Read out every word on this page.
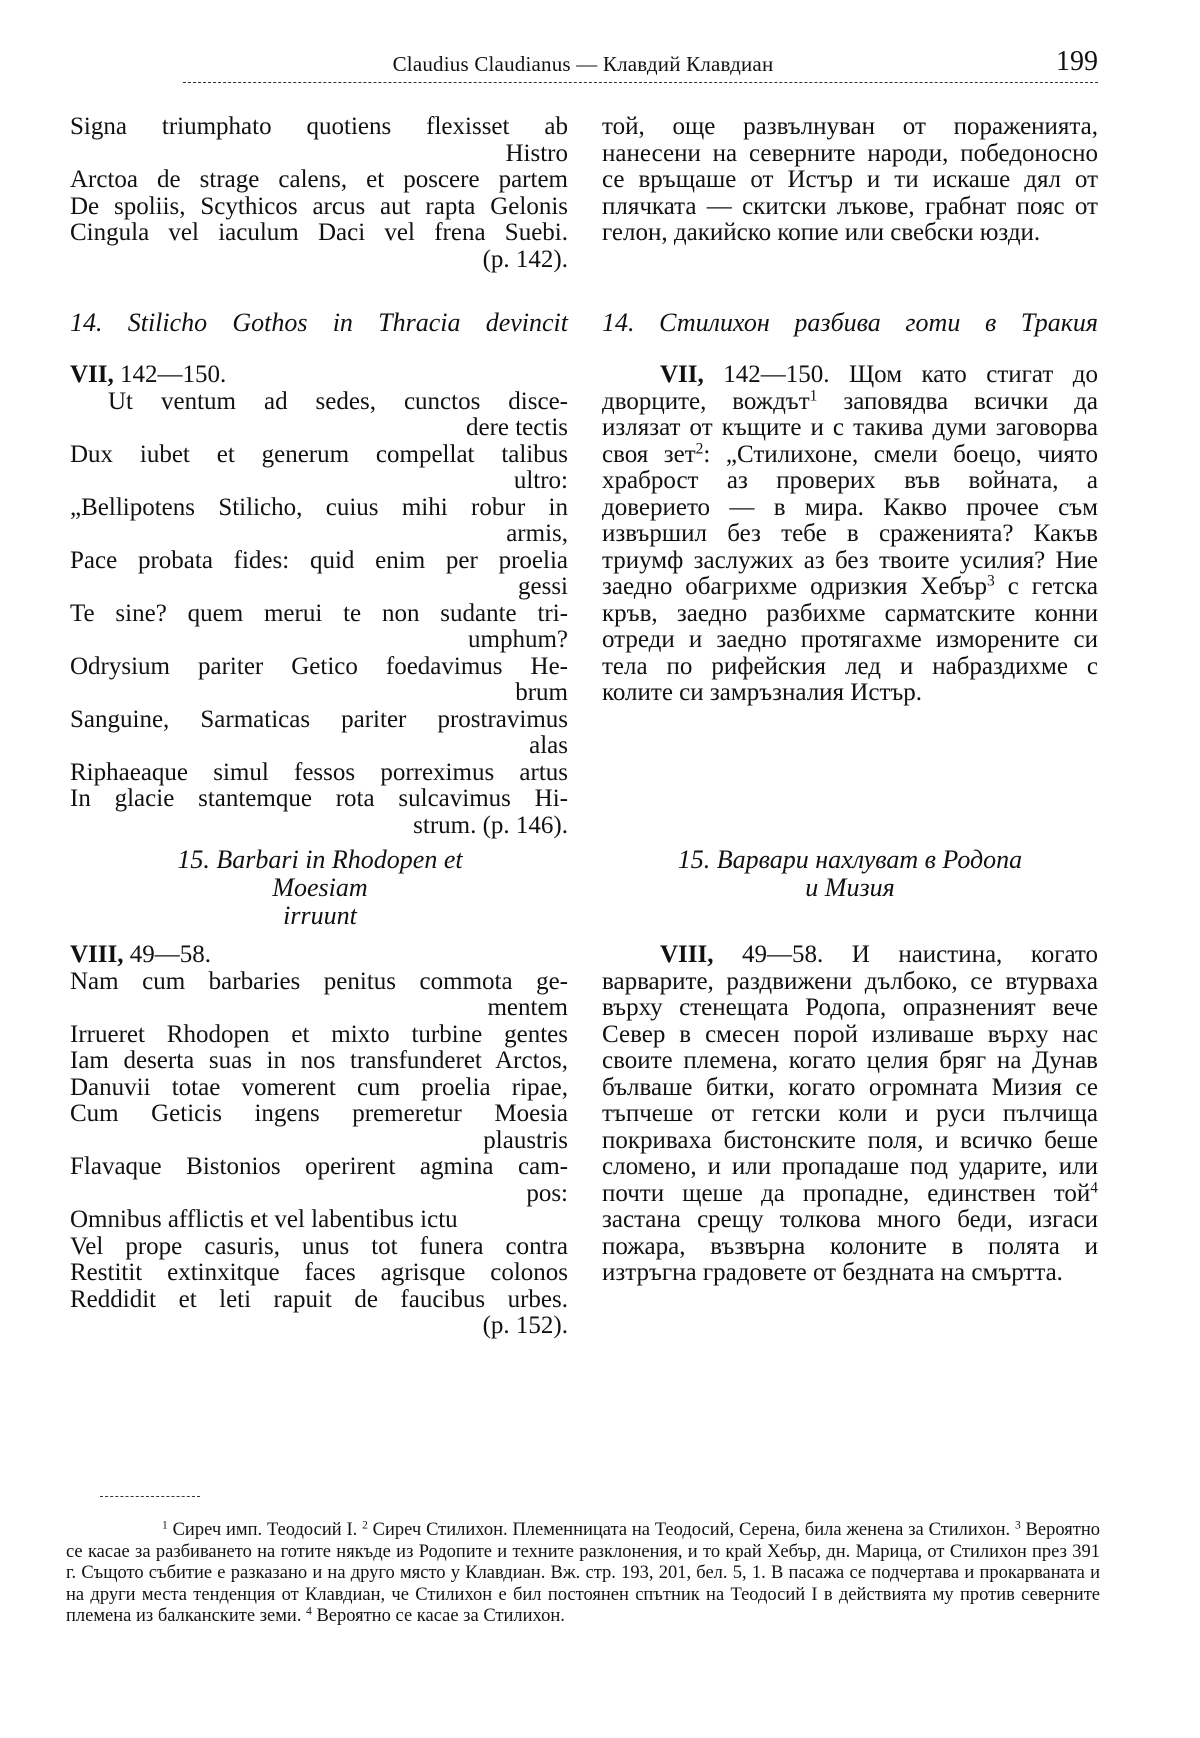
Claudius Claudianus — Клавдий Клавдиан	199
Signa triumphato quotiens flexisset ab
Histro
Arctoa de strage calens, et poscere partem
De spoliis, Scythicos arcus aut rapta Gelonis
Cingula vel iaculum Daci vel frena Suebi.
(p. 142).
той, още развълнуван от пораженията, нанесени на северните народи, победоносно се връщаше от Истър и ти искаше дял от плячката — скитски лъкове, грабнат пояс от гелон, дакийско копие или свебски юзди.
14. Stilicho Gothos in Thracia devincit 14. Стилихон разбива готи в Тракия
VII, 142—150.
Ut ventum ad sedes, cunctos disce-
dere tectis
Dux iubet et generum compellat talibus
ultro:
„Bellipotens Stilicho, cuius mihi robur in
armis,
Pace probata fides: quid enim per proelia
gessi
Te sine? quem merui te non sudante tri-
umphum?
Odrysium pariter Getico foedavimus He-
brum
Sanguine, Sarmaticas pariter prostravimus
alas
Riphaeaque simul fessos porreximus artus
In glacie stantemque rota sulcavimus Hi-
strum. (p. 146).
VII, 142—150. Щом като стигат до дворците, вождът$^1$ заповядва всички да излязат от къщите и с такива думи заговорва своя зет$^2$: „Стилихоне, смели боецо, чиято храброст аз проверих във войната, а доверието — в мира. Какво прочее съм извършил без тебе в сраженията? Какъв триумф заслужих аз без твоите усилия? Ние заедно обагрихме одризкия Хебър$^3$ с гетска кръв, заедно разбихме сарматските конни отреди и заедно протягахме изморените си тела по рифейския лед и набраздихме с колите си замръзналия Истър.
15. Barbari in Rhodopen et Moesiam
irruunt
15. Варвари нахлуват в Родопа
и Мизия
VIII, 49—58.
Nam cum barbaries penitus commota ge-
mentem
Irrueret Rhodopen et mixto turbine gentes
Iam deserta suas in nos transfunderet Arctos,
Danuvii totae vomerent cum proelia ripae,
Cum Geticis ingens premeretur Moesia
plaustris
Flavaque Bistonios operirent agmina cam-
pos:
Omnibus afflictis et vel labentibus ictu
Vel prope casuris, unus tot funera contra
Restitit extinxitque faces agrisque colonos
Reddidit et leti rapuit de faucibus urbes.
(p. 152).
VIII, 49—58. И наистина, когато варварите, раздвижени дълбоко, се втурваха върху стенещата Родопа, опразненият вече Север в смесен порой изливаше върху нас своите племена, когато целия бряг на Дунав бълваше битки, когато огромната Мизия се тъпчеше от гетски коли и руси пълчища покриваха бистонските поля, и всичко беше сломено, и или пропадаше под ударите, или почти щеше да пропадне, единствен той$^4$ застана срещу толкова много беди, изгаси пожара, възвърна колоните в полята и изтръгна градовете от бездната на смъртта.

$^1$ Сиреч имп. Теодосий I. $^2$ Сиреч Стилихон. Племенницата на Теодосий, Серена, била женена за Стилихон. $^3$ Вероятно се касае за разбиването на готите някъде из Родопите и техните разклонения, и то край Хебър, дн. Марица, от Стилихон през 391 г. Същото събитие е разказано и на друго място у Клавдиан. Вж. стр. 193, 201, бел. 5, 1. В пасажа се подчертава и прокарваната и на други места тенденция от Клавдиан, че Стилихон е бил постоянен спътник на Теодосий I в действията му против северните племена из балканските земи. $^4$ Вероятно се касае за Стилихон.
